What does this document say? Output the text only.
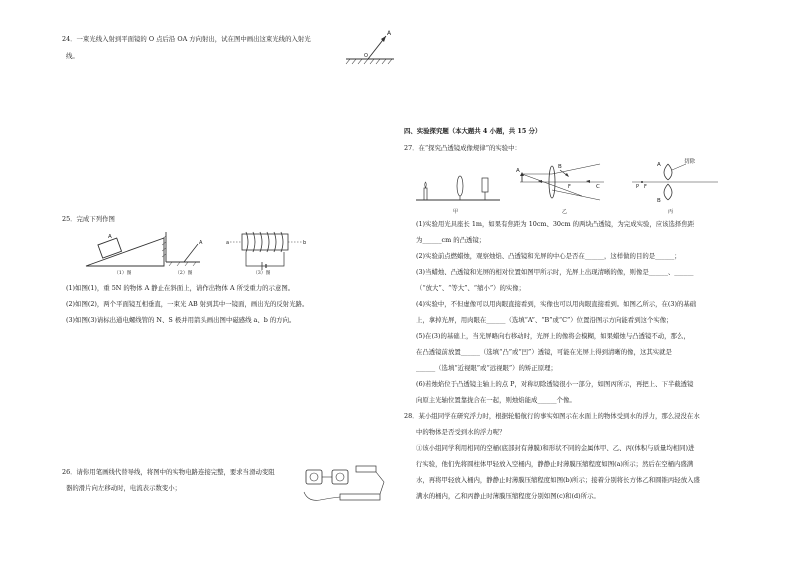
24．一束光线入射到平面镜的 O 点后沿 OA 方向射出，试在图中画出这束光线的入射光
线。
A
O
25．完成下列作图
A
A	a	b
（1）图	（2）图	（3）图
(1)如图(1)，重 5N 的物体 A 静止在斜面上，请作出物体 A 所受重力的示意图。
(2)如图(2)，两个平面镜互相垂直，一束光 AB 射到其中一镜面，画出光的反射光路。
(3)如图(3)请标出通电螺线管的 N、S 极并用箭头画出图中磁感线 a、b 的方向。
26．请你用笔画线代替导线，将图中的实物电路连接完整，要求当滑动变阻
器的滑片向左移动时，电流表示数变小；
四、实验探究题（本大题共 4 小题，共 15 分）
27．在“探究凸透镜成像规律”的实验中：
A
B
C
F
A
B
P F
切除
甲	乙	丙
(1)实验用光具座长 1m，如果有焦距为 10cm、30cm 的两块凸透镜，为完成实验，应该选择焦距
为______cm 的凸透镜；
(2)实验前点燃蜡烛，观察烛焰、凸透镜和光屏的中心是否在______，这样做的目的是______；
(3)当蜡烛、凸透镜和光屏的相对位置如图甲所示时，光屏上出现清晰的像，则像是______、______
（“放大”、“等大”、“缩小”）的实像；
(4)实验中，不但虚像可以用肉眼直接看到，实像也可以用肉眼直接看到。如图乙所示，在(3)的基础
上，拿掉光屏，用肉眼在______（选填“A”、“B”或“C”）位置沿图示方向能看到这个实像；
(5)在(3)的基础上，当光屏略向右移动时，光屏上的像将会模糊，如果蜡烛与凸透镜不动，那么，
在凸透镜前放置______（选填“凸”或“凹”）透镜，可能在光屏上得到清晰的像，这其实就是
______（选填“近视眼”或“远视眼”）的矫正原理；
(6)若烛焰位于凸透镜主轴上的点 P，对称切除透镜很小一部分，如图丙所示，再把上、下半截透镜
向原主光轴位置靠拢合在一起，则烛焰能成______个像。
28．某小组同学在研究浮力时，根据轮船航行的事实如图示在水面上的物体受到水的浮力，那么浸没在水
中的物体是否受到水的浮力呢？
①该小组同学利用相同的空桶(底部封有薄膜)和形状不同的金属体甲、乙、丙(体积与质量均相同)进
行实验，他们先将圆柱体甲轻放入空桶内，静静止时薄膜压缩程度如图(a)所示；然后在空桶内盛满
水，再将甲轻放入桶内，静静止时薄膜压缩程度如图(b)所示；接着分别将长方体乙和圆锥丙轻放入盛
满水的桶内，乙和丙静止时薄膜压缩程度分别如图(c)和(d)所示。
